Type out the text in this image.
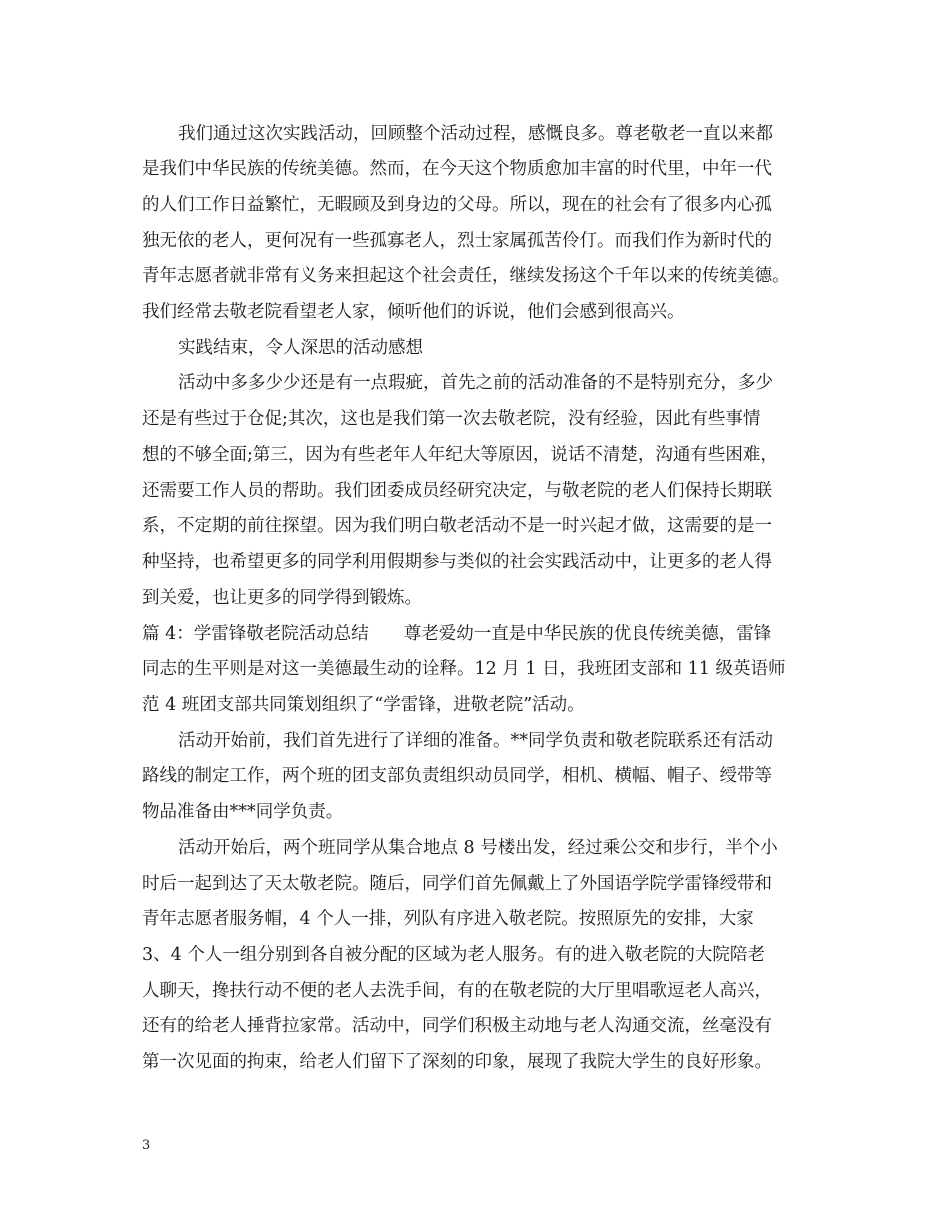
我们通过这次实践活动，回顾整个活动过程，感慨良多。尊老敬老一直以来都
是我们中华民族的传统美德。然而，在今天这个物质愈加丰富的时代里，中年一代
的人们工作日益繁忙，无暇顾及到身边的父母。所以，现在的社会有了很多内心孤
独无依的老人，更何况有一些孤寡老人，烈士家属孤苦伶仃。而我们作为新时代的
青年志愿者就非常有义务来担起这个社会责任，继续发扬这个千年以来的传统美德。
我们经常去敬老院看望老人家，倾听他们的诉说，他们会感到很高兴。
实践结束，令人深思的活动感想
活动中多多少少还是有一点瑕疵，首先之前的活动准备的不是特别充分，多少
还是有些过于仓促;其次，这也是我们第一次去敬老院，没有经验，因此有些事情
想的不够全面;第三，因为有些老年人年纪大等原因，说话不清楚，沟通有些困难，
还需要工作人员的帮助。我们团委成员经研究决定，与敬老院的老人们保持长期联
系，不定期的前往探望。因为我们明白敬老活动不是一时兴起才做，这需要的是一
种坚持，也希望更多的同学利用假期参与类似的社会实践活动中，让更多的老人得
到关爱，也让更多的同学得到锻炼。
篇 4：学雷锋敬老院活动总结　　尊老爱幼一直是中华民族的优良传统美德，雷锋
同志的生平则是对这一美德最生动的诠释。12 月 1 日，我班团支部和 11 级英语师
范 4 班团支部共同策划组织了“学雷锋，进敬老院”活动。
活动开始前，我们首先进行了详细的准备。**同学负责和敬老院联系还有活动
路线的制定工作，两个班的团支部负责组织动员同学，相机、横幅、帽子、绶带等
物品准备由***同学负责。
活动开始后，两个班同学从集合地点 8 号楼出发，经过乘公交和步行，半个小
时后一起到达了天太敬老院。随后，同学们首先佩戴上了外国语学院学雷锋绶带和
青年志愿者服务帽，4 个人一排，列队有序进入敬老院。按照原先的安排，大家
3、4 个人一组分别到各自被分配的区域为老人服务。有的进入敬老院的大院陪老
人聊天，搀扶行动不便的老人去洗手间，有的在敬老院的大厅里唱歌逗老人高兴，
还有的给老人捶背拉家常。活动中，同学们积极主动地与老人沟通交流，丝毫没有
第一次见面的拘束，给老人们留下了深刻的印象，展现了我院大学生的良好形象。
3
